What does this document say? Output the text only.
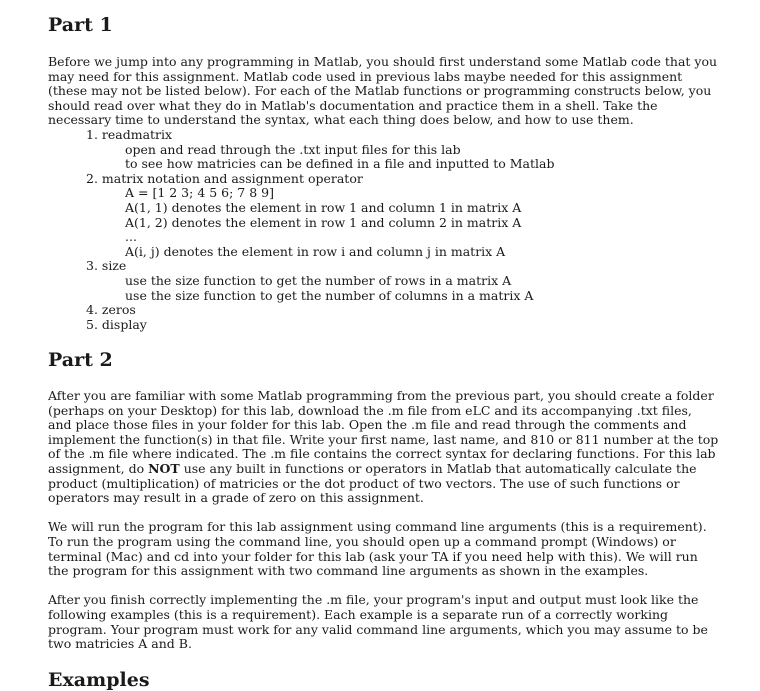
Part 1
Before we jump into any programming in Matlab, you should first understand some Matlab code that you
may need for this assignment. Matlab code used in previous labs maybe needed for this assignment
(these may not be listed below). For each of the Matlab functions or programming constructs below, you
should read over what they do in Matlab's documentation and practice them in a shell. Take the
necessary time to understand the syntax, what each thing does below, and how to use them.
1. readmatrix
open and read through the .txt input files for this lab
to see how matricies can be defined in a file and inputted to Matlab
2. matrix notation and assignment operator
A = [1 2 3; 4 5 6; 7 8 9]
A(1, 1) denotes the element in row 1 and column 1 in matrix A
A(1, 2) denotes the element in row 1 and column 2 in matrix A
...
A(i, j) denotes the element in row i and column j in matrix A
3. size
use the size function to get the number of rows in a matrix A
use the size function to get the number of columns in a matrix A
4. zeros
5. display
Part 2
After you are familiar with some Matlab programming from the previous part, you should create a folder
(perhaps on your Desktop) for this lab, download the .m file from eLC and its accompanying .txt files,
and place those files in your folder for this lab. Open the .m file and read through the comments and
implement the function(s) in that file. Write your first name, last name, and 810 or 811 number at the top
of the .m file where indicated. The .m file contains the correct syntax for declaring functions. For this lab
assignment, do NOT use any built in functions or operators in Matlab that automatically calculate the
product (multiplication) of matricies or the dot product of two vectors. The use of such functions or
operators may result in a grade of zero on this assignment.
We will run the program for this lab assignment using command line arguments (this is a requirement).
To run the program using the command line, you should open up a command prompt (Windows) or
terminal (Mac) and cd into your folder for this lab (ask your TA if you need help with this). We will run
the program for this assignment with two command line arguments as shown in the examples.
After you finish correctly implementing the .m file, your program's input and output must look like the
following examples (this is a requirement). Each example is a separate run of a correctly working
program. Your program must work for any valid command line arguments, which you may assume to be
two matricies A and B.
Examples
